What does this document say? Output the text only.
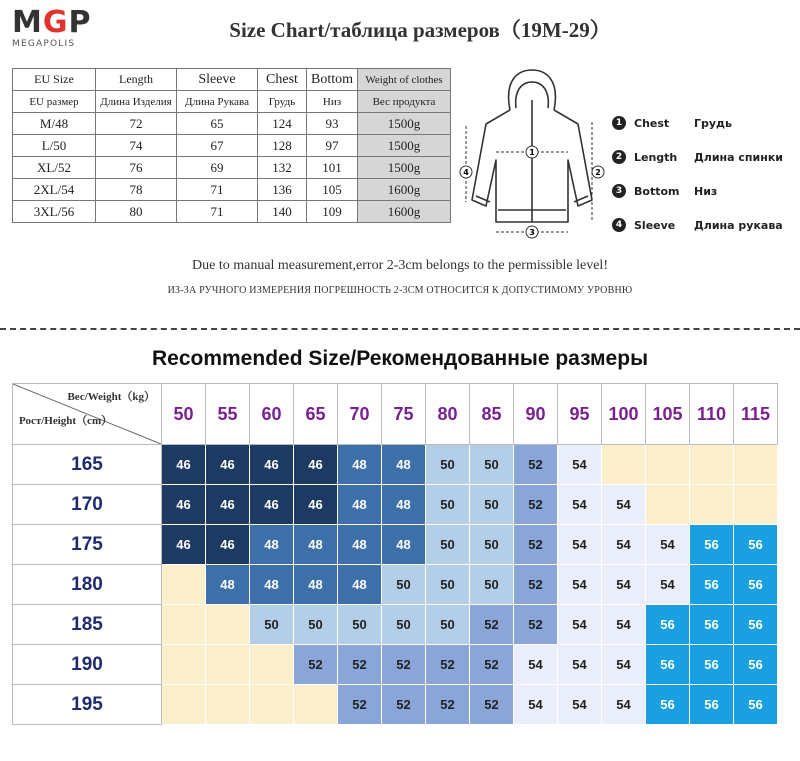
MGP
MEGAPOLIS
Size Chart/таблица размеров（19M-29）
EU Size	Length	Sleeve	Chest	Bottom	Weight of clothes
EU размер	Длина Изделия	Длина Рукава	Грудь	Низ	Вес продукта
M/48	72	65	124	93	1500g
L/50	74	67	128	97	1500g
XL/52	76	69	132	101	1500g
2XL/54	78	71	136	105	1600g
3XL/56	80	71	140	109	1600g
4
1
2
3
1	Chest	Грудь
2	Length	Длина спинки
3	Bottom	Низ
4	Sleeve	Длина рукава
Due to manual measurement,error 2-3cm belongs to the permissible level!
ИЗ-ЗА РУЧНОГО ИЗМЕРЕНИЯ ПОГРЕШНОСТЬ 2-3СМ ОТНОСИТСЯ К ДОПУСТИМОМУ УРОВНЮ
Recommended Size/Рекомендованные размеры
Вес/Weight（kg）
Рост/Height（cm）	50	55	60	65	70	75	80	85	90	95	100	105	110	115
165	46	46	46	46	48	48	50	50	52	54				
170	46	46	46	46	48	48	50	50	52	54	54			
175	46	46	48	48	48	48	50	50	52	54	54	54	56	56
180		48	48	48	48	50	50	50	52	54	54	54	56	56
185			50	50	50	50	50	52	52	54	54	56	56	56
190				52	52	52	52	52	54	54	54	56	56	56
195					52	52	52	52	54	54	54	56	56	56
